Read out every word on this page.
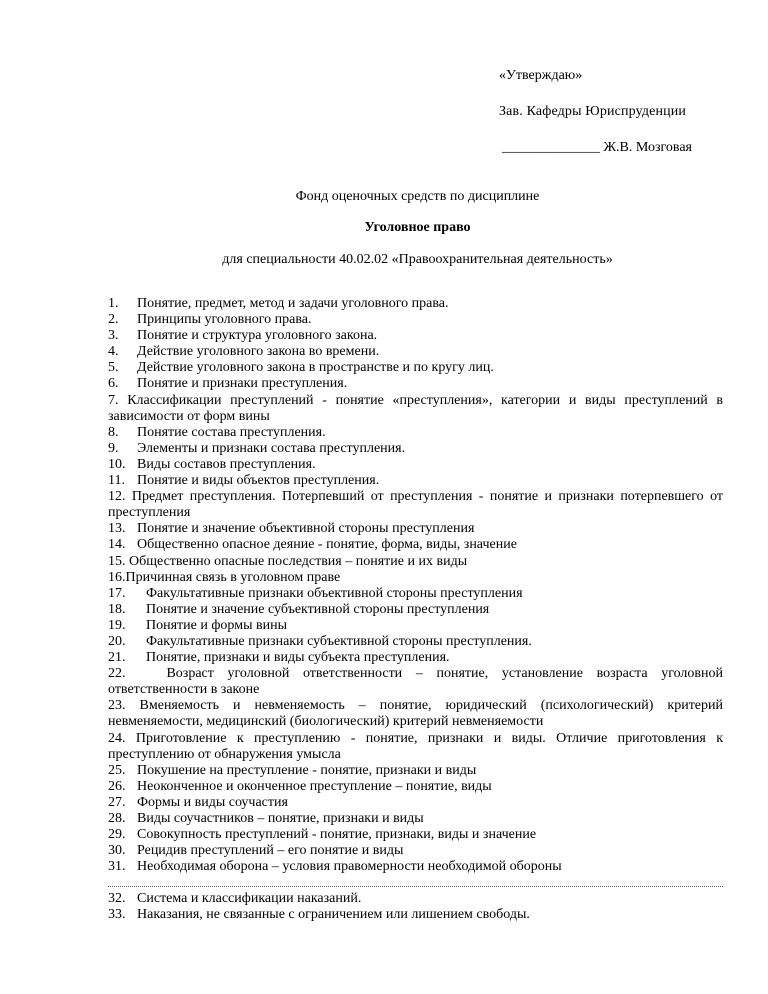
«Утверждаю»
Зав. Кафедры Юриспруденции
______________ Ж.В. Мозговая
Фонд оценочных средств по дисциплине
Уголовное право
для специальности 40.02.02 «Правоохранительная деятельность»
1.	Понятие, предмет, метод и задачи уголовного права.
2.	Принципы уголовного права.
3.	Понятие и структура уголовного закона.
4.	Действие уголовного закона во времени.
5.	Действие уголовного закона в пространстве и по кругу лиц.
6.	Понятие и признаки преступления.
7. Классификации преступлений - понятие «преступления», категории и виды преступлений в зависимости от форм вины
8.	Понятие состава преступления.
9.	Элементы и признаки состава преступления.
10. Виды составов преступления.
11. Понятие и виды объектов преступления.
12. Предмет преступления. Потерпевший от преступления - понятие и признаки потерпевшего от преступления
13. Понятие и значение объективной стороны преступления
14. Общественно опасное деяние - понятие, форма, виды, значение
15. Общественно опасные последствия – понятие и их виды
16.Причинная связь в уголовном праве
17.	Факультативные признаки объективной стороны преступления
18.	Понятие и значение субъективной стороны преступления
19.	Понятие и формы вины
20.	Факультативные признаки субъективной стороны преступления.
21.	Понятие, признаки и виды субъекта преступления.
22.	Возраст уголовной ответственности – понятие, установление возраста уголовной ответственности в законе
23. Вменяемость и невменяемость – понятие, юридический (психологический) критерий невменяемости, медицинский (биологический) критерий невменяемости
24. Приготовление к преступлению - понятие, признаки и виды. Отличие приготовления к преступлению от обнаружения умысла
25. Покушение на преступление - понятие, признаки и виды
26. Неоконченное и оконченное преступление – понятие, виды
27. Формы и виды соучастия
28. Виды соучастников – понятие, признаки и виды
29. Совокупность преступлений - понятие, признаки, виды и значение
30. Рецидив преступлений – его понятие и виды
31. Необходимая оборона – условия правомерности необходимой обороны
32. Система и классификации наказаний.
33. Наказания, не связанные с ограничением или лишением свободы.
